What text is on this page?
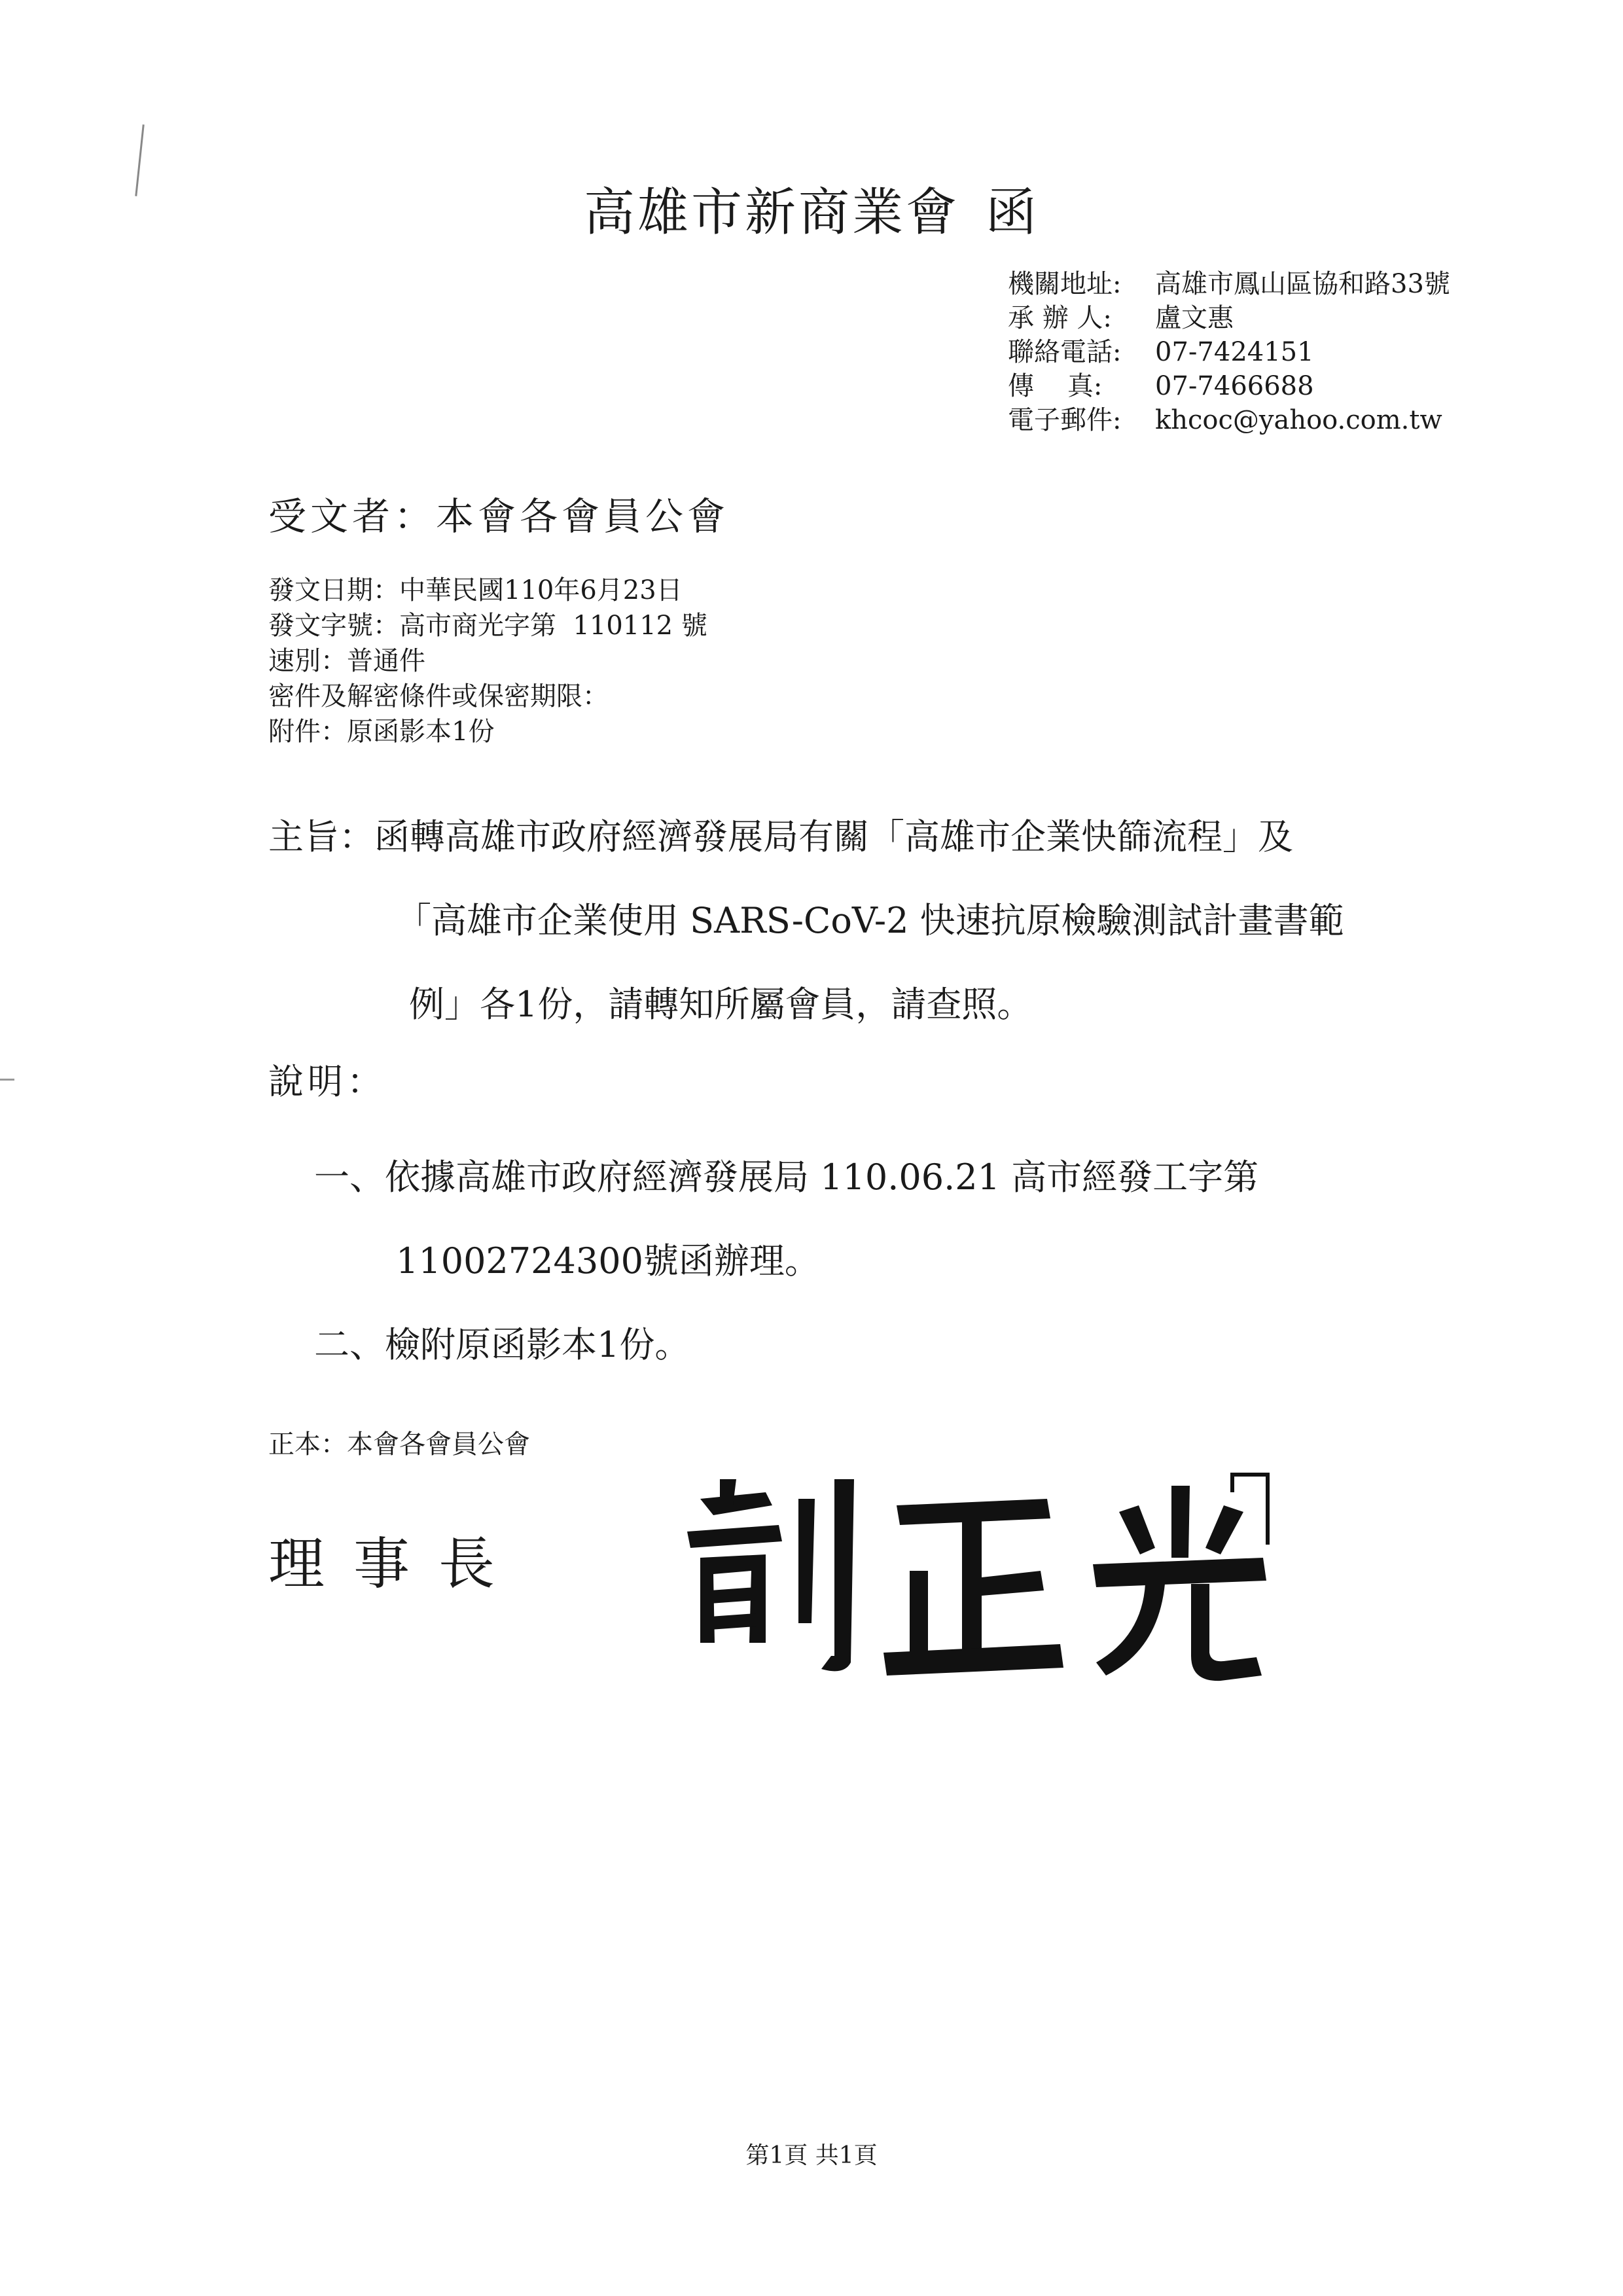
高雄市新商業會 函
機關地址:	高雄市鳳山區協和路33號
承 辦 人:	盧文惠
聯絡電話:	07-7424151
傳    真:	07-7466688
電子郵件:	khcoc@yahoo.com.tw
受文者：本會各會員公會
發文日期：中華民國110年6月23日
發文字號：高市商光字第  110112 號
速別：普通件
密件及解密條件或保密期限：
附件：原函影本1份
主旨：函轉高雄市政府經濟發展局有關「高雄市企業快篩流程」及
「高雄市企業使用 SARS-CoV-2 快速抗原檢驗測試計畫書範
例」各1份，請轉知所屬會員，請查照。
說明：
一、依據高雄市政府經濟發展局 110.06.21 高市經發工字第
11002724300號函辦理。
二、檢附原函影本1份。
正本：本會各會員公會
理事長
第1頁 共1頁
